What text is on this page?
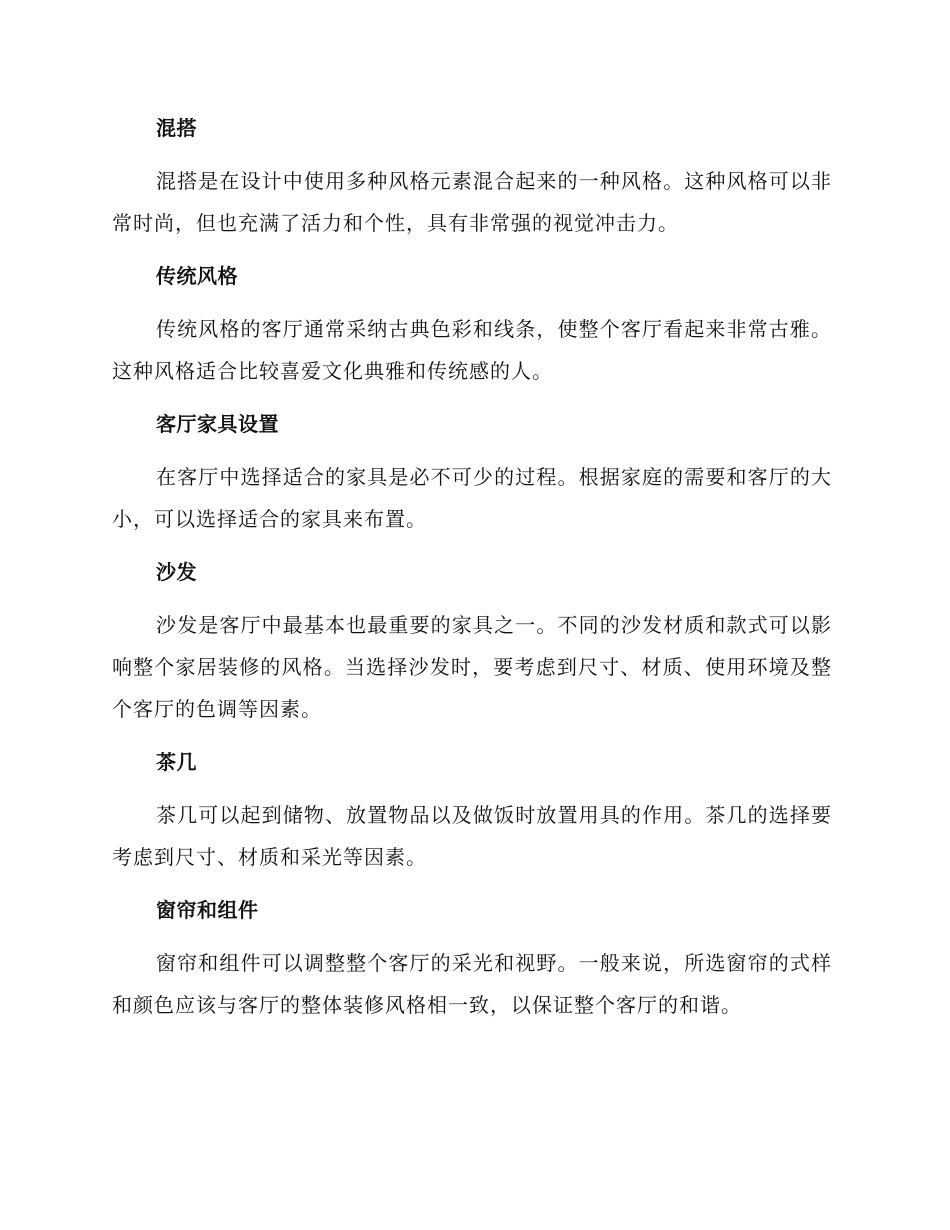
混搭

混搭是在设计中使用多种风格元素混合起来的一种风格。这种风格可以非常时尚，但也充满了活力和个性，具有非常强的视觉冲击力。

传统风格

传统风格的客厅通常采纳古典色彩和线条，使整个客厅看起来非常古雅。这种风格适合比较喜爱文化典雅和传统感的人。

客厅家具设置

在客厅中选择适合的家具是必不可少的过程。根据家庭的需要和客厅的大小，可以选择适合的家具来布置。

沙发

沙发是客厅中最基本也最重要的家具之一。不同的沙发材质和款式可以影响整个家居装修的风格。当选择沙发时，要考虑到尺寸、材质、使用环境及整个客厅的色调等因素。

茶几

茶几可以起到储物、放置物品以及做饭时放置用具的作用。茶几的选择要考虑到尺寸、材质和采光等因素。

窗帘和组件

窗帘和组件可以调整整个客厅的采光和视野。一般来说，所选窗帘的式样和颜色应该与客厅的整体装修风格相一致，以保证整个客厅的和谐。
